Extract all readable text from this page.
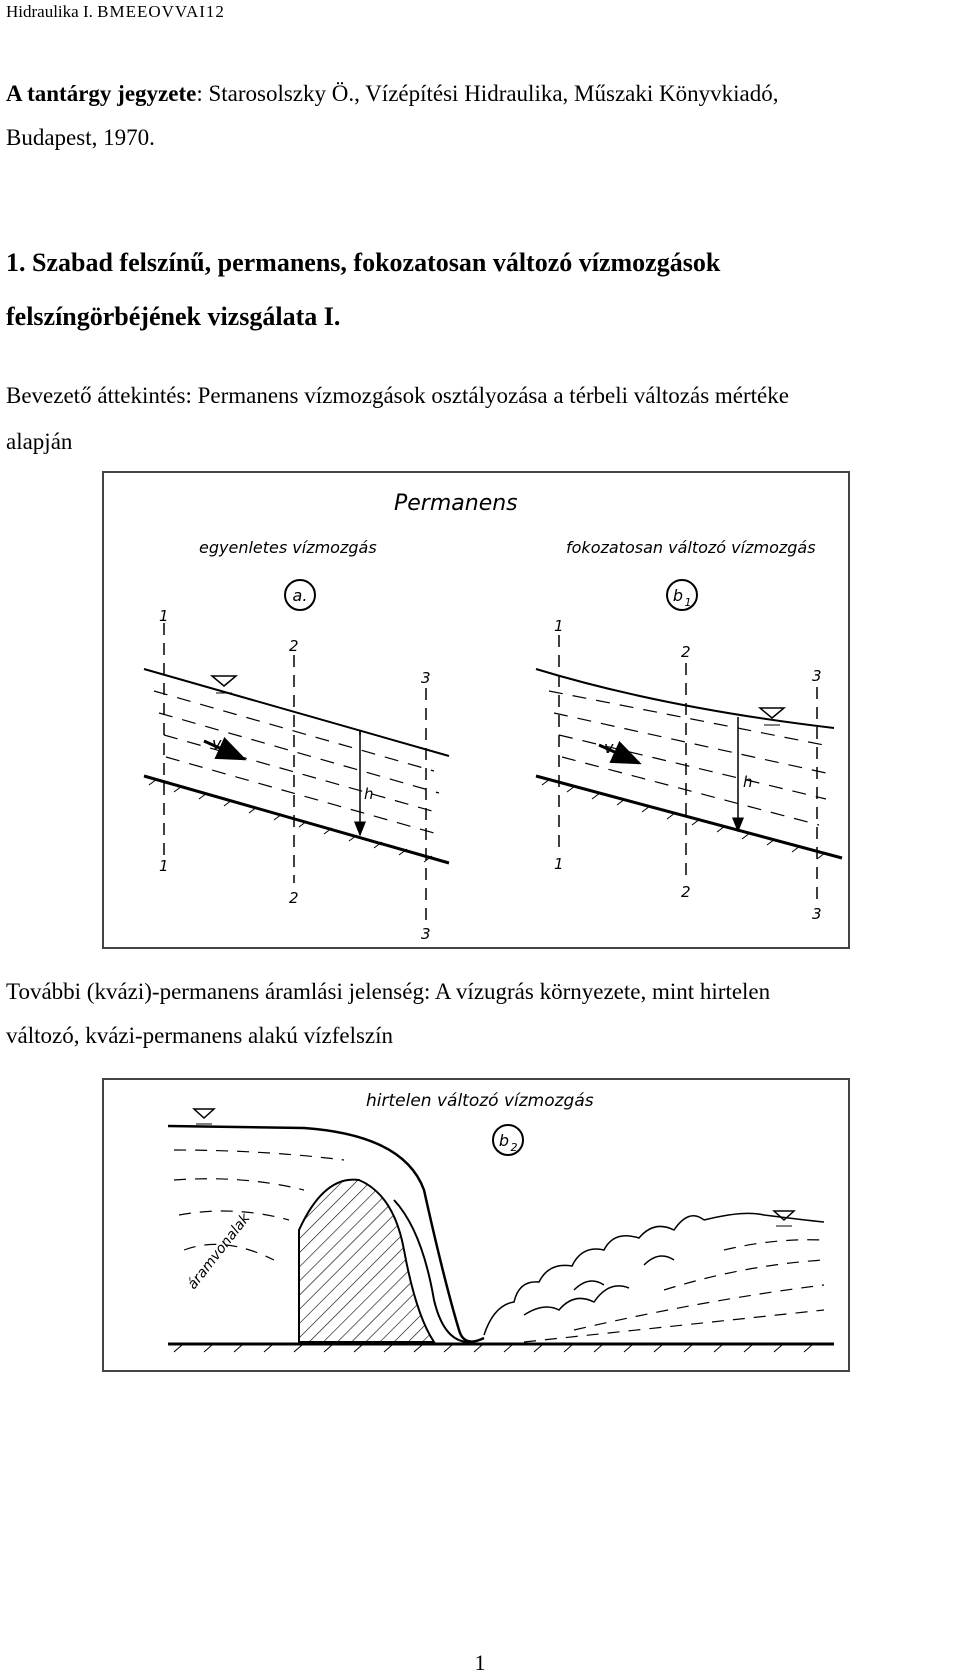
Hidraulika I. BMEEOVVAI12
A tantárgy jegyzete: Starosolszky Ö., Vízépítési Hidraulika, Műszaki Könyvkiadó,
Budapest, 1970.
1. Szabad felszínű, permanens, fokozatosan változó vízmozgások
felszíngörbéjének vizsgálata I.
Bevezető áttekintés: Permanens vízmozgások osztályozása a térbeli változás mértéke
alapján
Permanens
egyenletes vízmozgás	fokozatosan változó vízmozgás
a.	b 1
v
h
1
1
2
2
3
3
v
h
1
1
2
2
3
3
További (kvázi)-permanens áramlási jelenség: A vízugrás környezete, mint hirtelen
változó, kvázi-permanens alakú vízfelszín
hirtelen változó vízmozgás
b 2
áramvonalak
1
